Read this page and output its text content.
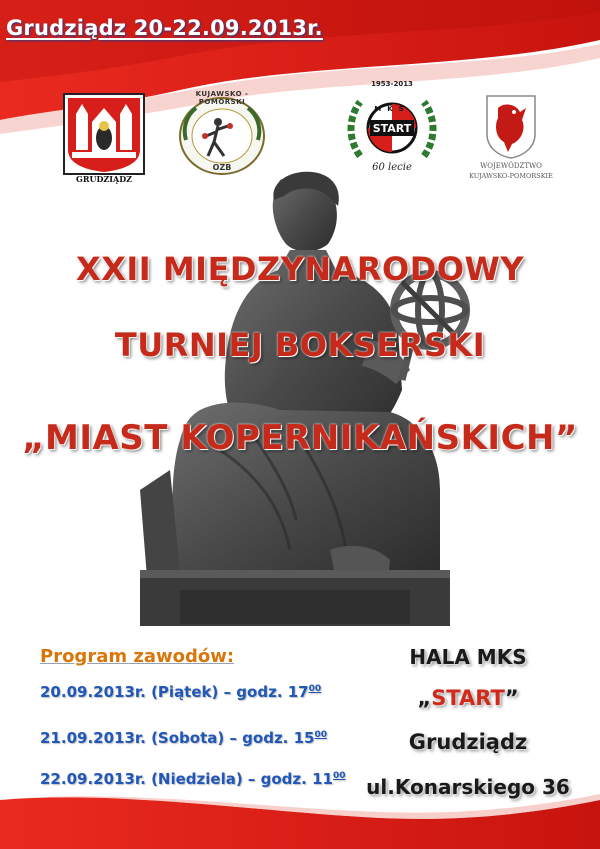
Grudziądz 20-22.09.2013r.
GRUDZIĄDZ
KUJAWSKO - POMORSKI
OZB
1953-2013
MKS
START
60 lecie	WOJEWÓDZTWO
KUJAWSKO-POMORSKIE
XXII MIĘDZYNARODOWY
TURNIEJ BOKSERSKI
„MIAST KOPERNIKAŃSKICH”
Program zawodów:
20.09.2013r. (Piątek) – godz. $17^{00}$
21.09.2013r. (Sobota) – godz. $15^{00}$
22.09.2013r. (Niedziela) – godz. $11^{00}$
HALA MKS
„START”
Grudziądz
ul.Konarskiego 36
